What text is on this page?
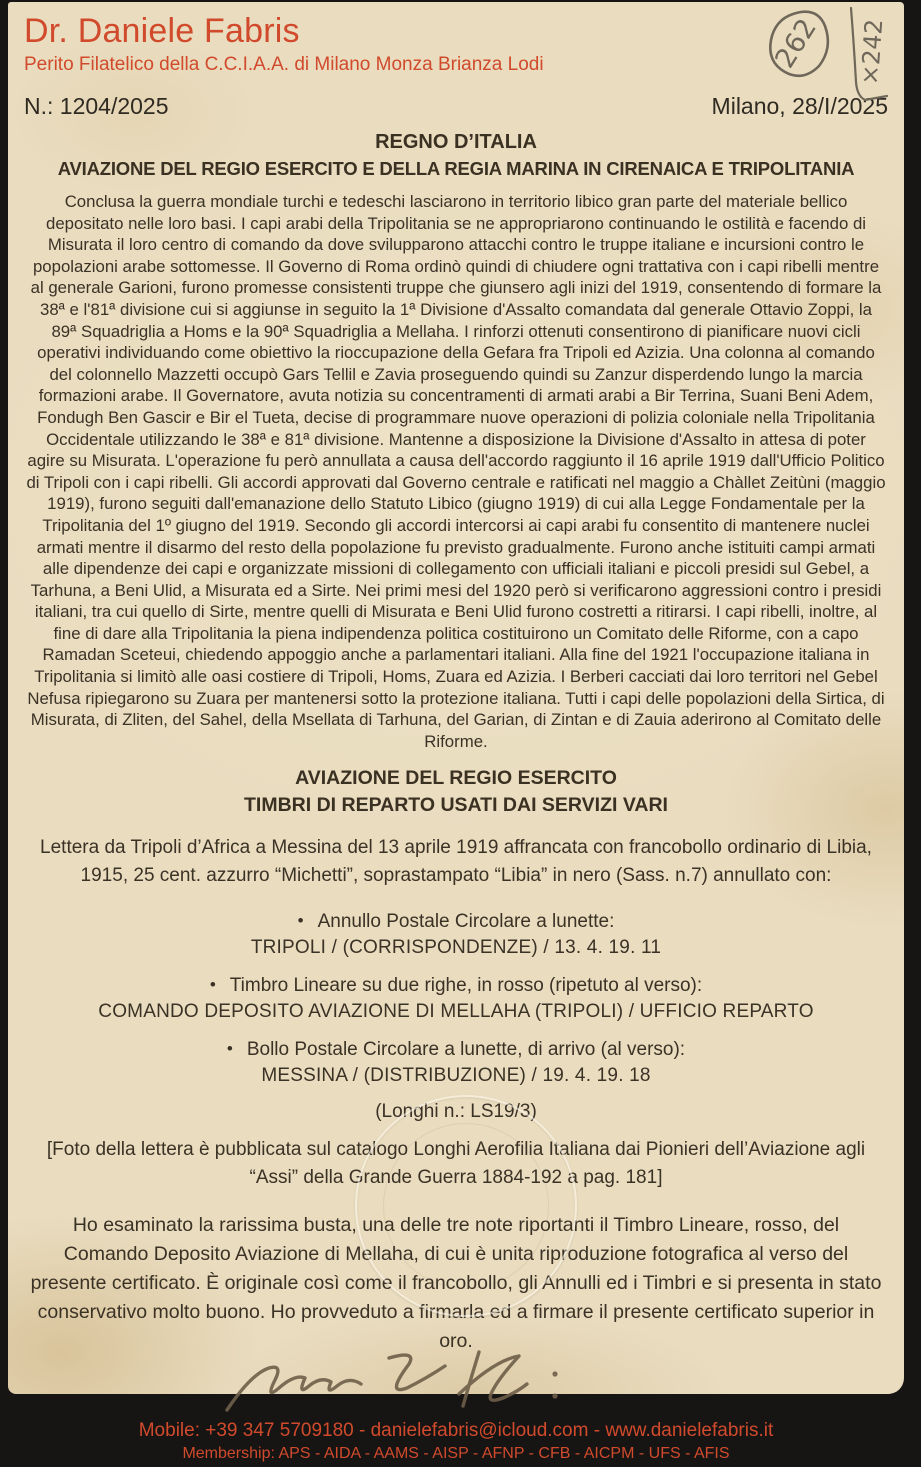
Dr. Daniele Fabris
Perito Filatelico della C.C.I.A.A. di Milano Monza Brianza Lodi
N.: 1204/2025	Milano, 28/I/2025
REGNO D’ITALIA
AVIAZIONE DEL REGIO ESERCITO E DELLA REGIA MARINA IN CIRENAICA E TRIPOLITANIA
Conclusa la guerra mondiale turchi e tedeschi lasciarono in territorio libico gran parte del materiale bellico depositato nelle loro basi. I capi arabi della Tripolitania se ne appropriarono continuando le ostilità e facendo di Misurata il loro centro di comando da dove svilupparono attacchi contro le truppe italiane e incursioni contro le popolazioni arabe sottomesse. Il Governo di Roma ordinò quindi di chiudere ogni trattativa con i capi ribelli mentre al generale Garioni, furono promesse consistenti truppe che giunsero agli inizi del 1919, consentendo di formare la 38ª e l'81ª divisione cui si aggiunse in seguito la 1ª Divisione d'Assalto comandata dal generale Ottavio Zoppi, la 89ª Squadriglia a Homs e la 90ª Squadriglia a Mellaha. I rinforzi ottenuti consentirono di pianificare nuovi cicli operativi individuando come obiettivo la rioccupazione della Gefara fra Tripoli ed Azizia. Una colonna al comando del colonnello Mazzetti occupò Gars Tellil e Zavia proseguendo quindi su Zanzur disperdendo lungo la marcia formazioni arabe. Il Governatore, avuta notizia su concentramenti di armati arabi a Bir Terrina, Suani Beni Adem, Fondugh Ben Gascir e Bir el Tueta, decise di programmare nuove operazioni di polizia coloniale nella Tripolitania Occidentale utilizzando le 38ª e 81ª divisione. Mantenne a disposizione la Divisione d'Assalto in attesa di poter agire su Misurata. L'operazione fu però annullata a causa dell'accordo raggiunto il 16 aprile 1919 dall'Ufficio Politico di Tripoli con i capi ribelli. Gli accordi approvati dal Governo centrale e ratificati nel maggio a Chàllet Zeitùni (maggio 1919), furono seguiti dall'emanazione dello Statuto Libico (giugno 1919) di cui alla Legge Fondamentale per la Tripolitania del 1º giugno del 1919. Secondo gli accordi intercorsi ai capi arabi fu consentito di mantenere nuclei armati mentre il disarmo del resto della popolazione fu previsto gradualmente. Furono anche istituiti campi armati alle dipendenze dei capi e organizzate missioni di collegamento con ufficiali italiani e piccoli presidi sul Gebel, a Tarhuna, a Beni Ulid, a Misurata ed a Sirte. Nei primi mesi del 1920 però si verificarono aggressioni contro i presidi italiani, tra cui quello di Sirte, mentre quelli di Misurata e Beni Ulid furono costretti a ritirarsi. I capi ribelli, inoltre, al fine di dare alla Tripolitania la piena indipendenza politica costituirono un Comitato delle Riforme, con a capo Ramadan Sceteui, chiedendo appoggio anche a parlamentari italiani. Alla fine del 1921 l'occupazione italiana in Tripolitania si limitò alle oasi costiere di Tripoli, Homs, Zuara ed Azizia. I Berberi cacciati dai loro territori nel Gebel Nefusa ripiegarono su Zuara per mantenersi sotto la protezione italiana. Tutti i capi delle popolazioni della Sirtica, di Misurata, di Zliten, del Sahel, della Msellata di Tarhuna, del Garian, di Zintan e di Zauia aderirono al Comitato delle Riforme.
AVIAZIONE DEL REGIO ESERCITO
TIMBRI DI REPARTO USATI DAI SERVIZI VARI
Lettera da Tripoli d’Africa a Messina del 13 aprile 1919 affrancata con francobollo ordinario di Libia, 1915, 25 cent. azzurro “Michetti”, soprastampato “Libia” in nero (Sass. n.7) annullato con:
• Annullo Postale Circolare a lunette:
TRIPOLI / (CORRISPONDENZE) / 13. 4. 19. 11
• Timbro Lineare su due righe, in rosso (ripetuto al verso):
COMANDO DEPOSITO AVIAZIONE DI MELLAHA (TRIPOLI) / UFFICIO REPARTO
• Bollo Postale Circolare a lunette, di arrivo (al verso):
MESSINA / (DISTRIBUZIONE) / 19. 4. 19. 18
(Longhi n.: LS19/3)
[Foto della lettera è pubblicata sul catalogo Longhi Aerofilia Italiana dai Pionieri dell’Aviazione agli “Assi” della Grande Guerra 1884-192 a pag. 181]
Ho esaminato la rarissima busta, una delle tre note riportanti il Timbro Lineare, rosso, del Comando Deposito Aviazione di Mellaha, di cui è unita riproduzione fotografica al verso del presente certificato. È originale così come il francobollo, gli Annulli ed i Timbri e si presenta in stato conservativo molto buono. Ho provveduto a firmarla ed a firmare il presente certificato superior in oro.
Mobile: +39 347 5709180 - danielefabris@icloud.com - www.danielefabris.it
Membership: APS - AIDA - AAMS - AISP - AFNP - CFB - AICPM - UFS - AFIS
262 ×242
